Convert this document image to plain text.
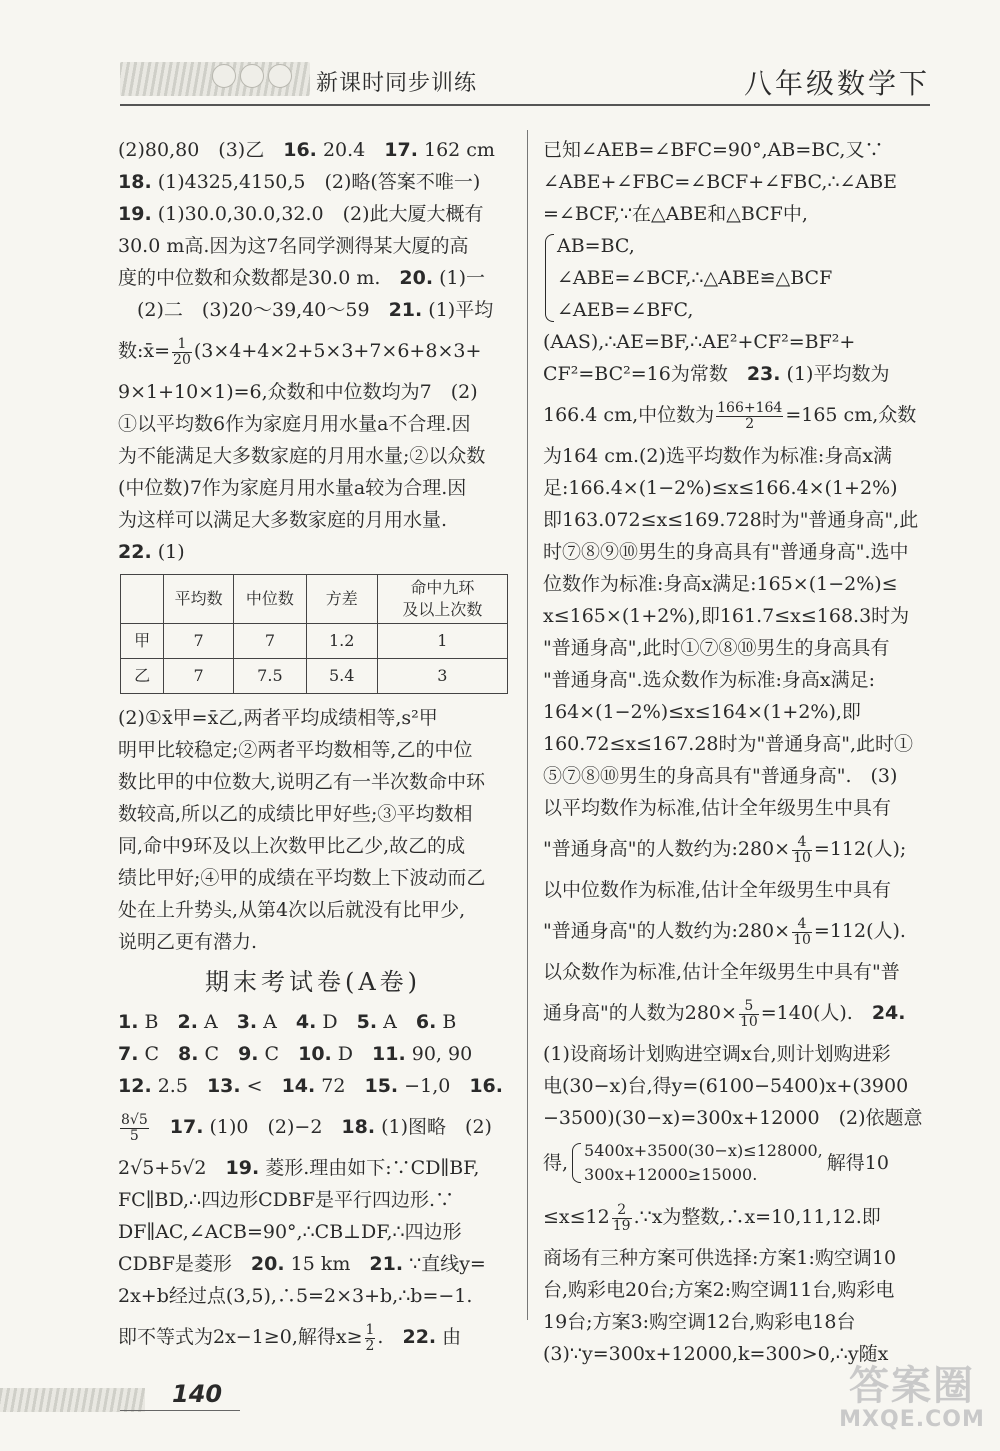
新课时同步训练	八年级数学下
(2)80,80　(3)乙　16. 20.4　17. 162 cm
18. (1)4325,4150,5　(2)略(答案不唯一)
19. (1)30.0,30.0,32.0　(2)此大厦大概有
30.0 m高.因为这7名同学测得某大厦的高
度的中位数和众数都是30.0 m.　20. (1)一
　(2)二　(3)20～39,40～59　21. (1)平均
数:x̄= $\frac{1}{20} (3\times 4+4\times 2+5\times 3+7\times 6+8\times 3+$
9×1+10×1)=6,众数和中位数均为7　(2)
①以平均数6作为家庭月用水量a不合理.因
为不能满足大多数家庭的月用水量;②以众数
(中位数)7作为家庭月用水量a较为合理.因
为这样可以满足大多数家庭的月用水量.
22. (1)
	平均数	中位数	方差	命中九环
及以上次数
甲	7	7	1.2	1
乙	7	7.5	5.4	3
(2)①x̄甲=x̄乙,两者平均成绩相等,s²甲
明甲比较稳定;②两者平均数相等,乙的中位
数比甲的中位数大,说明乙有一半次数命中环
数较高,所以乙的成绩比甲好些;③平均数相
同,命中9环及以上次数甲比乙少,故乙的成
绩比甲好;④甲的成绩在平均数上下波动而乙
处在上升势头,从第4次以后就没有比甲少,
说明乙更有潜力.
期末考试卷(A卷)
1. B　2. A　3. A　4. D　5. A　6. B
7. C　8. C　9. C　10. D　11. 90, 90
12. 2.5　13. <　14. 72　15. −1,0　16.
$\frac{8√5}{5}$
　 17. (1)0　(2)−2　18. (1)图略　(2)
2√5+5√2　19. 菱形.理由如下:∵CD∥BF,
FC∥BD,∴四边形CDBF是平行四边形.∵
DF∥AC,∠ACB=90°,∴CB⊥DF,∴四边形
CDBF是菱形　20. 15 km　21. ∵直线y=
2x+b经过点(3,5),∴5=2×3+b,∴b=−1.
即不等式为2x−1≥0,解得$x\ge \frac{1}{2}$ .　22. 由
已知∠AEB=∠BFC=90°,AB=BC,又∵
∠ABE+∠FBC=∠BCF+∠FBC,∴∠ABE
=∠BCF,∵在△ABE和△BCF中,
AB=BC,
∠ABE=∠BCF,∴△ABE≌△BCF
∠AEB=∠BFC,
(AAS),∴AE=BF,∴AE²+CF²=BF²+
CF²=BC²=16为常数　23. (1)平均数为
166.4 cm,中位数为 $\frac{166+164}{2} =165$ cm,众数
为164 cm.(2)选平均数作为标准:身高x满
足:166.4×(1−2%)≤x≤166.4×(1+2%)
即163.072≤x≤169.728时为"普通身高",此
时⑦⑧⑨⑩男生的身高具有"普通身高".选中
位数作为标准:身高x满足:165×(1−2%)≤
x≤165×(1+2%),即161.7≤x≤168.3时为
"普通身高",此时①⑦⑧⑩男生的身高具有
"普通身高".选众数作为标准:身高x满足:
164×(1−2%)≤x≤164×(1+2%),即
160.72≤x≤167.28时为"普通身高",此时①
⑤⑦⑧⑩男生的身高具有"普通身高".　(3)
以平均数作为标准,估计全年级男生中具有
"普通身高"的人数约为:280× $\frac{4}{10} =112$(人);
以中位数作为标准,估计全年级男生中具有
"普通身高"的人数约为:280× $\frac{4}{10} =112$(人).
以众数作为标准,估计全年级男生中具有"普
通身高"的人数为$280\times \frac{5}{10} =140$(人).　24.
(1)设商场计划购进空调x台,则计划购进彩
电(30−x)台,得y=(6100−5400)x+(3900
−3500)(30−x)=300x+12000　(2)依题意
得,
5400x+3500(30−x)≤128000,
300x+12000≥15000.
解得10
$\le x\le 12 \frac{2}{19}$ .∵x为整数,∴x=10,11,12.即
商场有三种方案可供选择:方案1:购空调10
台,购彩电20台;方案2:购空调11台,购彩电
19台;方案3:购空调12台,购彩电18台
(3)∵y=300x+12000,k=300>0,∴y随x
140	答案圈
MXQE.COM
